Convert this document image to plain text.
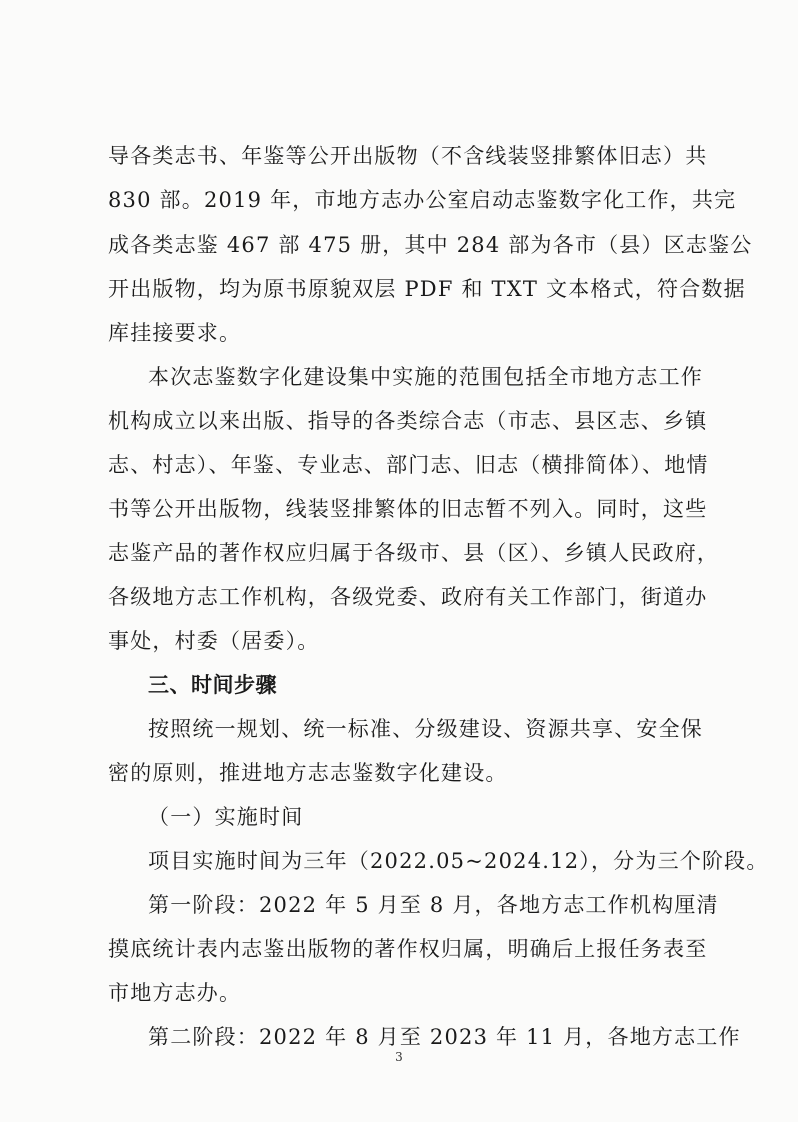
导各类志书、年鉴等公开出版物（不含线装竖排繁体旧志）共
830 部。2019 年，市地方志办公室启动志鉴数字化工作，共完
成各类志鉴 467 部 475 册，其中 284 部为各市（县）区志鉴公
开出版物，均为原书原貌双层 PDF 和 TXT 文本格式，符合数据
库挂接要求。
本次志鉴数字化建设集中实施的范围包括全市地方志工作
机构成立以来出版、指导的各类综合志（市志、县区志、乡镇
志、村志）、年鉴、专业志、部门志、旧志（横排简体）、地情
书等公开出版物，线装竖排繁体的旧志暂不列入。同时，这些
志鉴产品的著作权应归属于各级市、县（区）、乡镇人民政府，
各级地方志工作机构，各级党委、政府有关工作部门，街道办
事处，村委（居委）。
三、时间步骤
按照统一规划、统一标准、分级建设、资源共享、安全保
密的原则，推进地方志志鉴数字化建设。
（一）实施时间
项目实施时间为三年（2022.05~2024.12），分为三个阶段。
第一阶段：2022 年 5 月至 8 月，各地方志工作机构厘清
摸底统计表内志鉴出版物的著作权归属，明确后上报任务表至
市地方志办。
第二阶段：2022 年 8 月至 2023 年 11 月，各地方志工作
3
